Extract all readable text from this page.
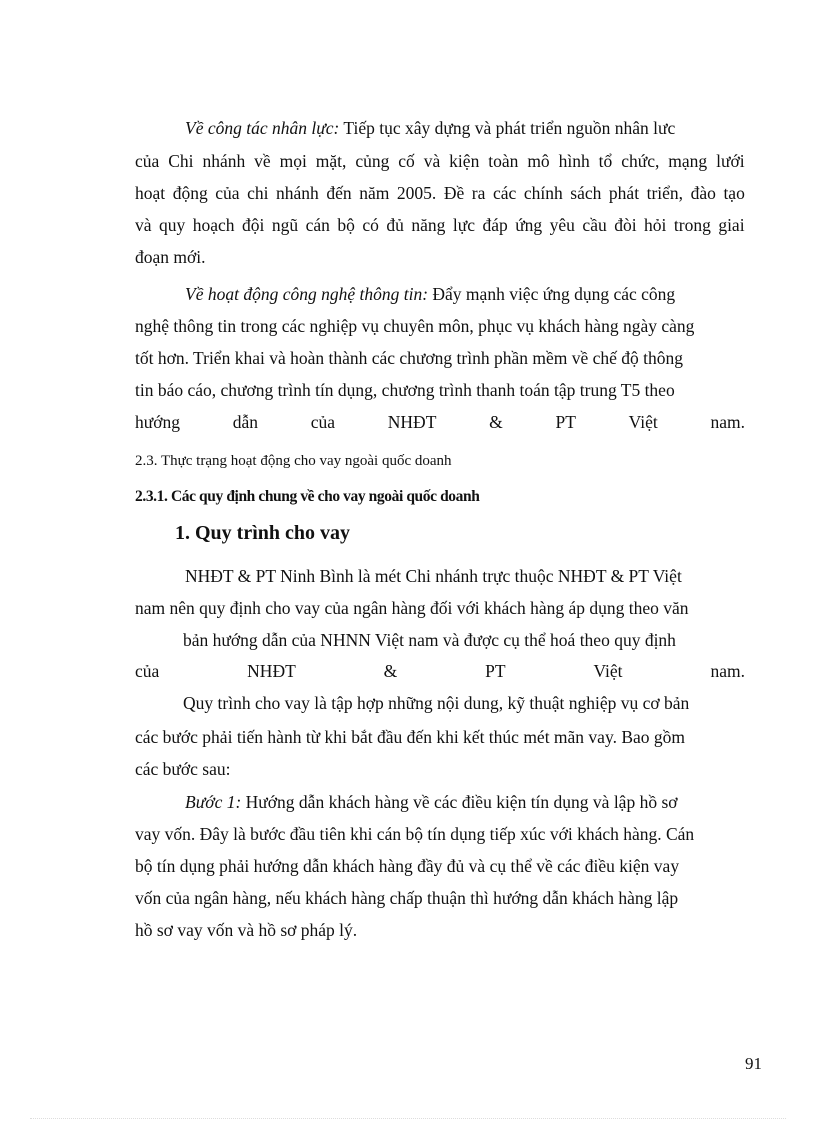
Về công tác nhân lực: Tiếp tục xây dựng và phát triển nguồn nhân lưc
của Chi nhánh về mọi mặt, củng cố và kiện toàn mô hình tổ chức, mạng lưới
hoạt động của chi nhánh đến năm 2005. Đề ra các chính sách phát triển, đào tạo
và quy hoạch đội ngũ cán bộ có đủ năng lực đáp ứng yêu cầu đòi hỏi trong giai
đoạn mới.
Về hoạt động công nghệ thông tin: Đẩy mạnh việc ứng dụng các công
nghệ thông tin trong các nghiệp vụ chuyên môn, phục vụ khách hàng ngày càng
tốt hơn. Triển khai và hoàn thành các chương trình phần mềm về chế độ thông
tin báo cáo, chương trình tín dụng, chương trình thanh toán tập trung T5 theo
hướng	dẫn	của	NHĐT	&	PT	Việt	nam.
2.3. Thực trạng hoạt động cho vay ngoài quốc doanh
2.3.1. Các quy định chung về cho vay ngoài quốc doanh
1. Quy trình cho vay
NHĐT & PT Ninh Bình là mét Chi nhánh trực thuộc NHĐT & PT Việt
nam nên quy định cho vay của ngân hàng đối với khách hàng áp dụng theo văn
bản hướng dẫn của NHNN Việt nam và được cụ thể hoá theo quy định
của	NHĐT	&	PT	Việt	nam.
Quy trình cho vay là tập hợp những nội dung, kỹ thuật nghiệp vụ cơ bản
các bước phải tiến hành từ khi bắt đầu đến khi kết thúc mét mãn vay. Bao gồm
các bước sau:
Bước 1: Hướng dẫn khách hàng về các điều kiện tín dụng và lập hồ sơ
vay vốn. Đây là bước đầu tiên khi cán bộ tín dụng tiếp xúc với khách hàng. Cán
bộ tín dụng phải hướng dẫn khách hàng đầy đủ và cụ thể về các điều kiện vay
vốn của ngân hàng, nếu khách hàng chấp thuận thì hướng dẫn khách hàng lập
hồ sơ vay vốn và hồ sơ pháp lý.
91
